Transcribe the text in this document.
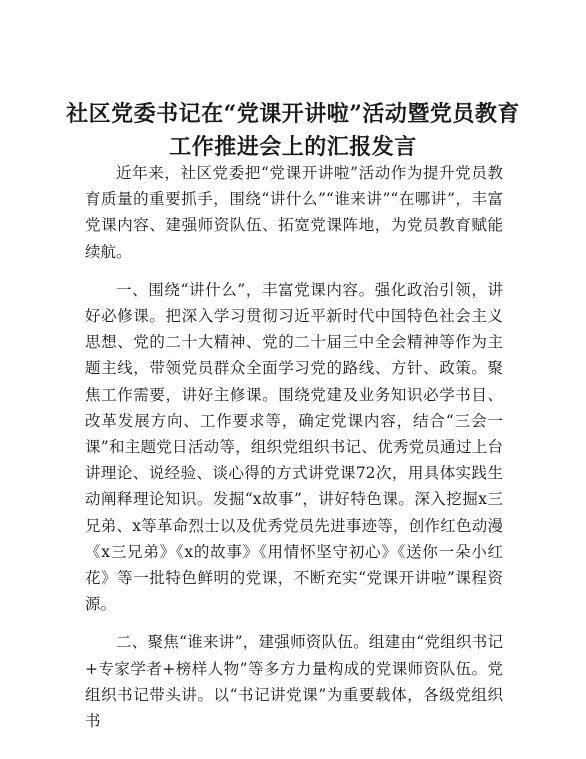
社区党委书记在“党课开讲啦”活动暨党员教育工作推进会上的汇报发言

近年来，社区党委把“党课开讲啦”活动作为提升党员教育质量的重要抓手，围绕“讲什么”“谁来讲”“在哪讲”，丰富党课内容、建强师资队伍、拓宽党课阵地，为党员教育赋能续航。

一、围绕“讲什么”，丰富党课内容。强化政治引领，讲好必修课。把深入学习贯彻习近平新时代中国特色社会主义思想、党的二十大精神、党的二十届三中全会精神等作为主题主线，带领党员群众全面学习党的路线、方针、政策。聚焦工作需要，讲好主修课。围绕党建及业务知识必学书目、改革发展方向、工作要求等，确定党课内容，结合“三会一课”和主题党日活动等，组织党组织书记、优秀党员通过上台讲理论、说经验、谈心得的方式讲党课72次，用具体实践生动阐释理论知识。发掘“x故事”，讲好特色课。深入挖掘x三兄弟、x等革命烈士以及优秀党员先进事迹等，创作红色动漫《x三兄弟》《x的故事》《用情怀坚守初心》《送你一朵小红花》等一批特色鲜明的党课，不断充实“党课开讲啦”课程资源。

二、聚焦“谁来讲”，建强师资队伍。组建由“党组织书记+专家学者+榜样人物”等多方力量构成的党课师资队伍。党组织书记带头讲。以“书记讲党课”为重要载体，各级党组织书
